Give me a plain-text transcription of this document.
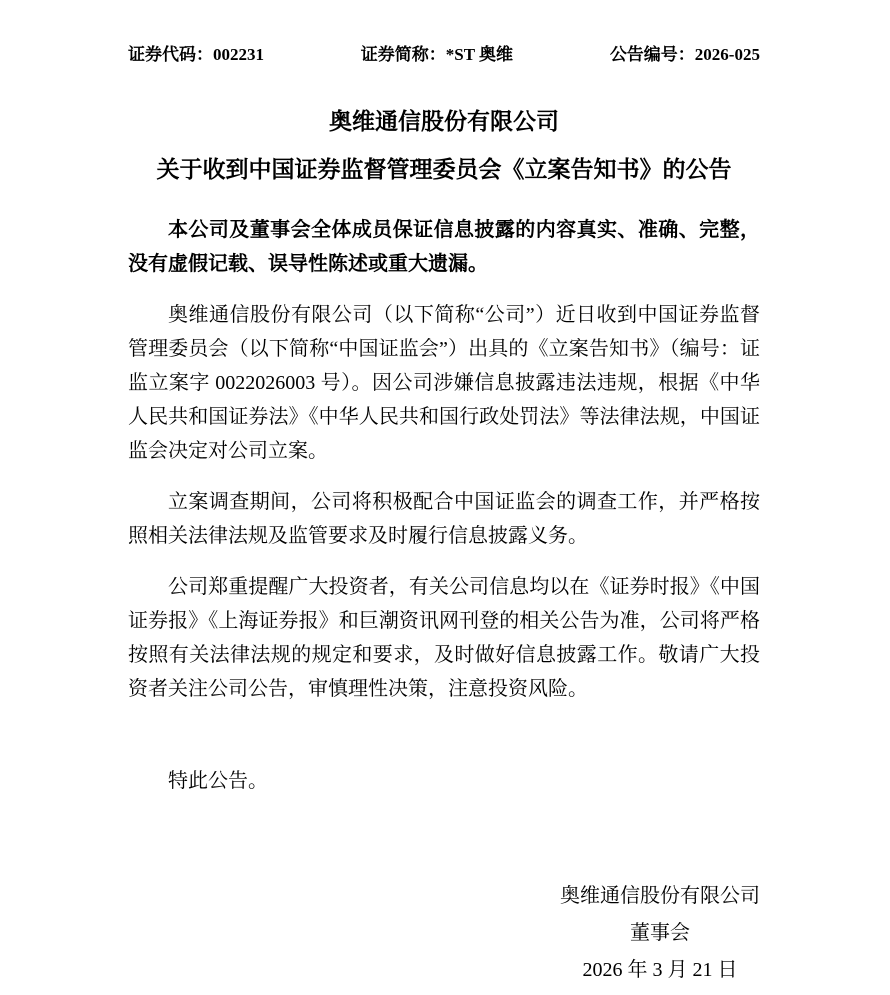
证券代码：002231	证券简称：*ST 奥维	公告编号：2026-025
奥维通信股份有限公司
关于收到中国证券监督管理委员会《立案告知书》的公告

本公司及董事会全体成员保证信息披露的内容真实、准确、完整，没有虚假记载、误导性陈述或重大遗漏。

奥维通信股份有限公司（以下简称“公司”）近日收到中国证券监督管理委员会（以下简称“中国证监会”）出具的《立案告知书》（编号：证监立案字 0022026003 号）。因公司涉嫌信息披露违法违规，根据《中华人民共和国证券法》《中华人民共和国行政处罚法》等法律法规，中国证监会决定对公司立案。

立案调查期间，公司将积极配合中国证监会的调查工作，并严格按照相关法律法规及监管要求及时履行信息披露义务。

公司郑重提醒广大投资者，有关公司信息均以在《证券时报》《中国证券报》《上海证券报》和巨潮资讯网刊登的相关公告为准，公司将严格按照有关法律法规的规定和要求，及时做好信息披露工作。敬请广大投资者关注公司公告，审慎理性决策，注意投资风险。

特此公告。

奥维通信股份有限公司
董事会
2026 年 3 月 21 日
